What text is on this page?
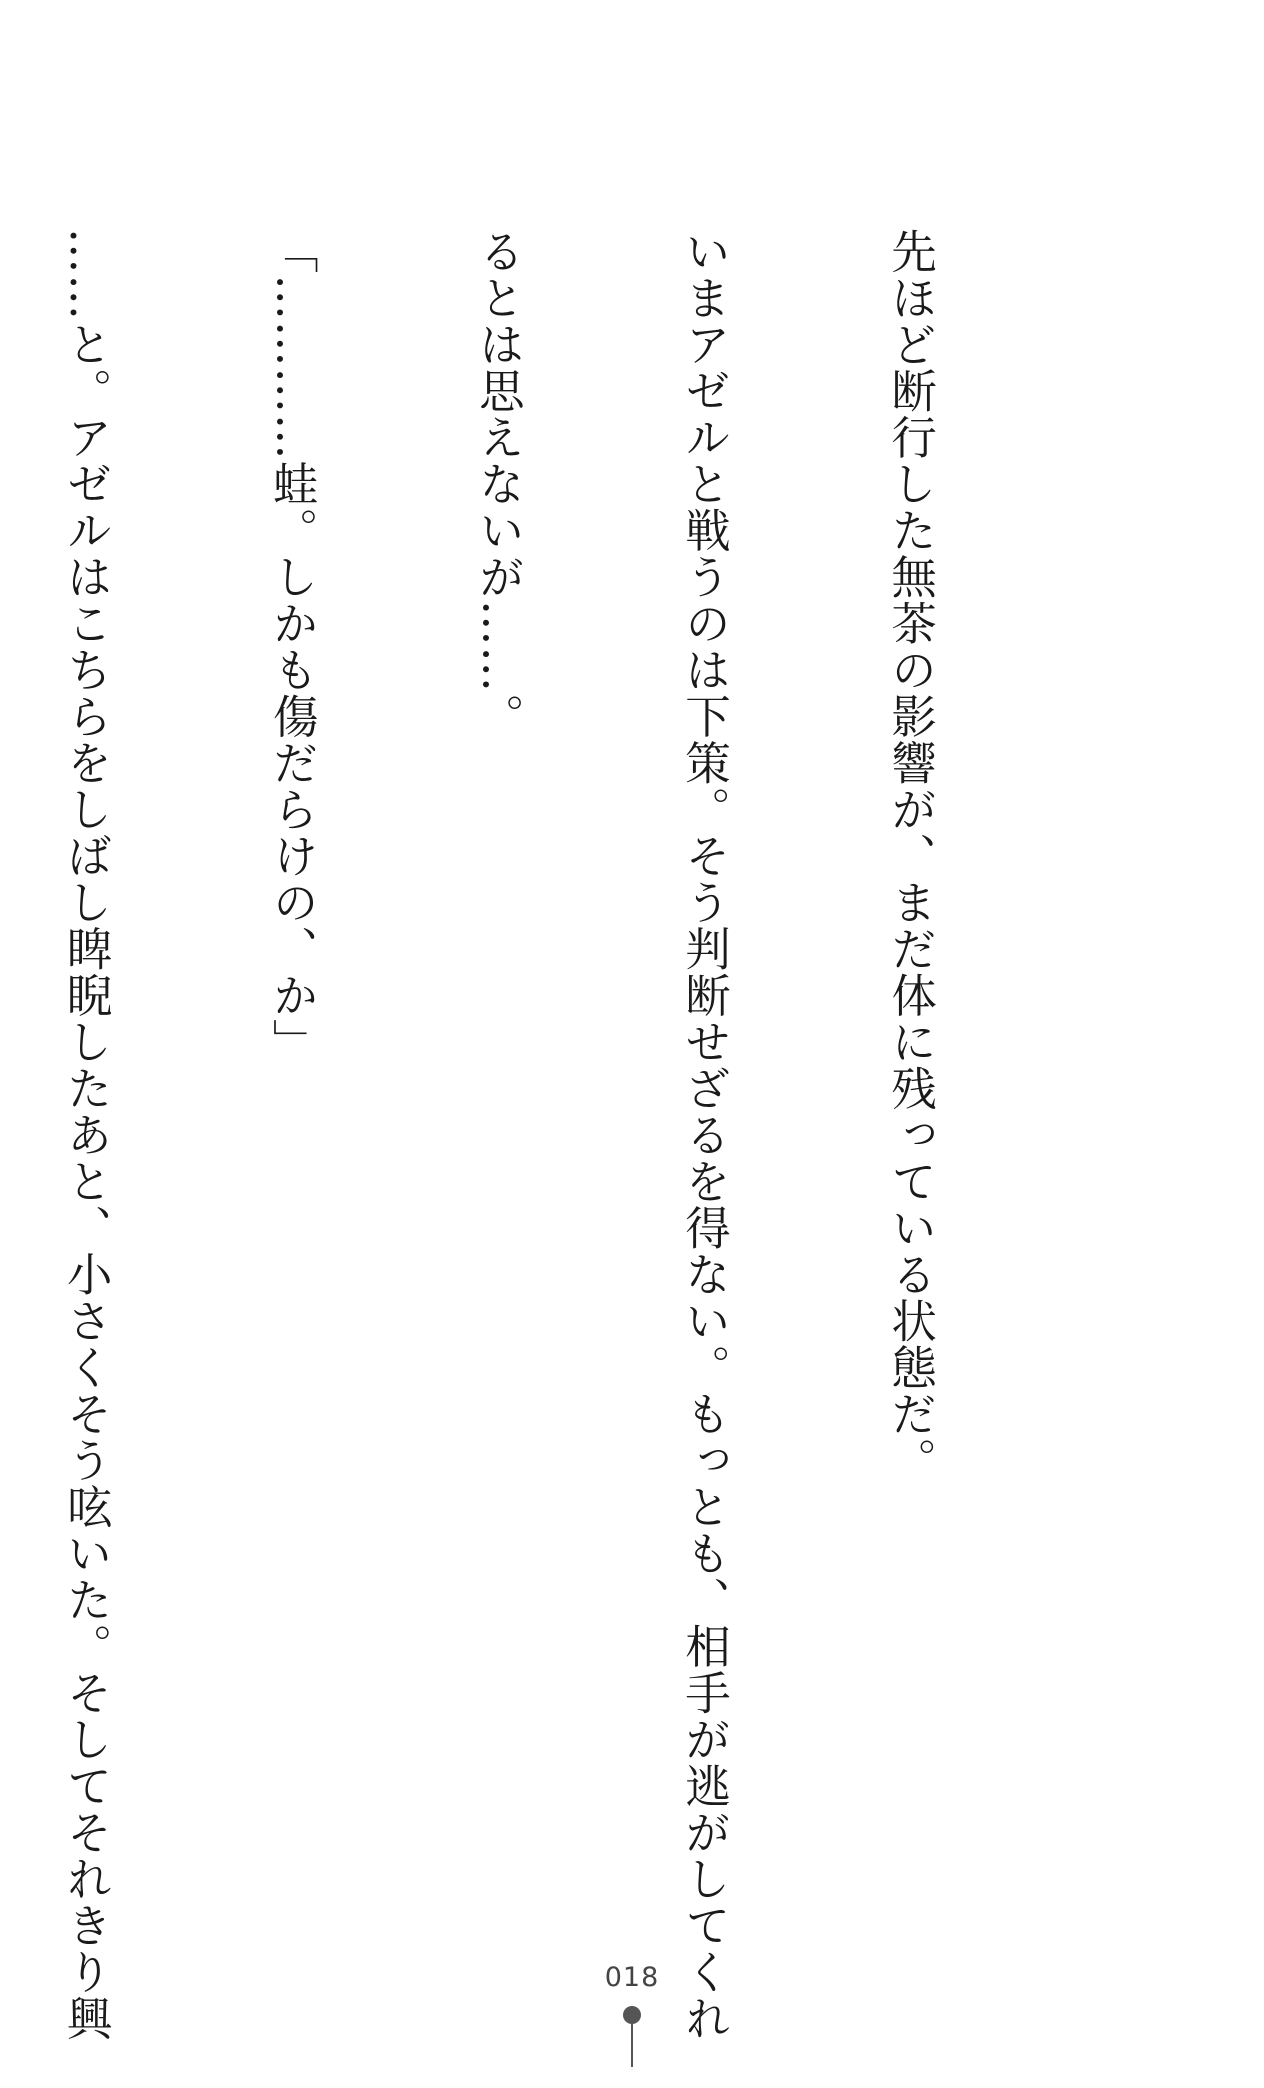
先ほど断行した無茶の影響が、まだ体に残っている状態だ。

いまアゼルと戦うのは下策。そう判断せざるを得ない。もっとも、相手が逃がしてくれ

るとは思えないが……。

「…………蛙。しかも傷だらけの、か」

……と。アゼルはこちらをしばし睥睨したあと、小さくそう呟いた。そしてそれきり興

	018
